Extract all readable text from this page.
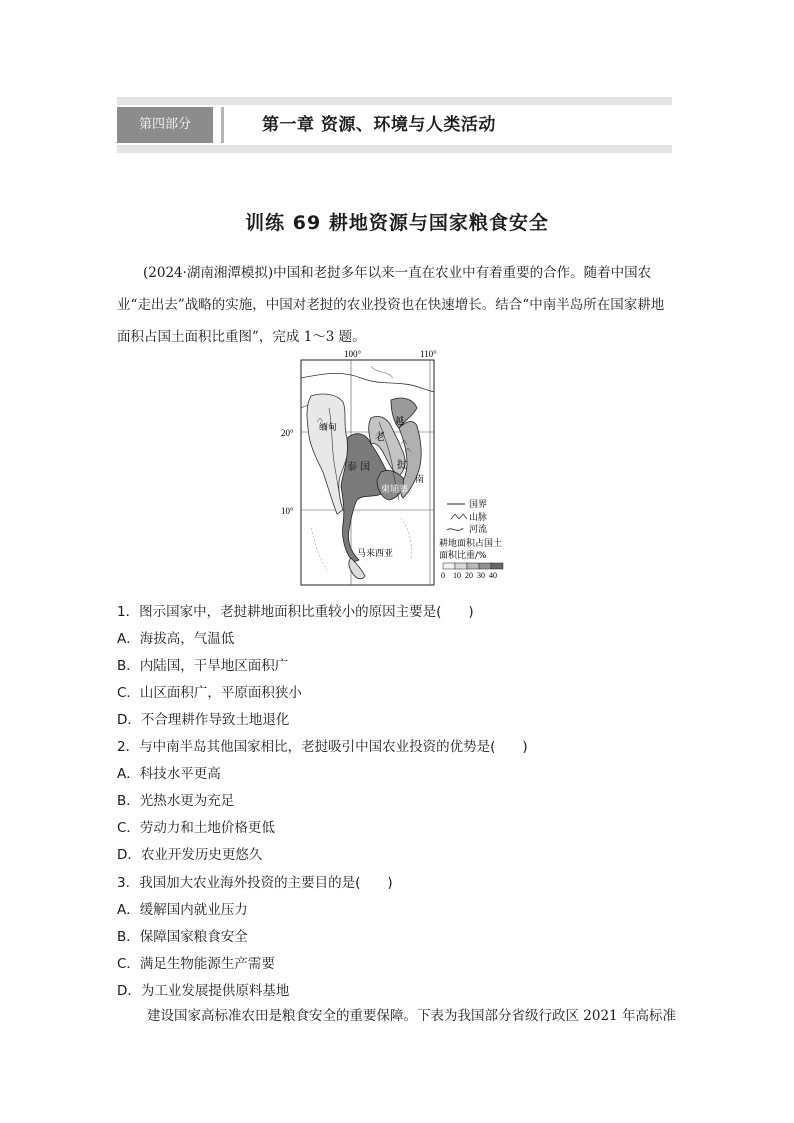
第四部分	第一章 资源、环境与人类活动
训练 69 耕地资源与国家粮食安全
(2024·湖南湘潭模拟)中国和老挝多年以来一直在农业中有着重要的合作。随着中国农业“走出去”战略的实施，中国对老挝的农业投资也在快速增长。结合“中南半岛所在国家耕地面积占国土面积比重图”，完成 1～3 题。
100°	110°
20°
10°
缅甸
老
越
泰 国	挝
柬埔寨
南
马来西亚
国界
山脉
河流
耕地面积占国土
面积比重/%
0 10 20 30 40
1．图示国家中，老挝耕地面积比重较小的原因主要是(　　)
A．海拔高，气温低
B．内陆国，干旱地区面积广
C．山区面积广，平原面积狭小
D．不合理耕作导致土地退化
2．与中南半岛其他国家相比，老挝吸引中国农业投资的优势是(　　)
A．科技水平更高
B．光热水更为充足
C．劳动力和土地价格更低
D．农业开发历史更悠久
3．我国加大农业海外投资的主要目的是(　　)
A．缓解国内就业压力
B．保障国家粮食安全
C．满足生物能源生产需要
D．为工业发展提供原料基地
建设国家高标准农田是粮食安全的重要保障。下表为我国部分省级行政区 2021 年高标准
